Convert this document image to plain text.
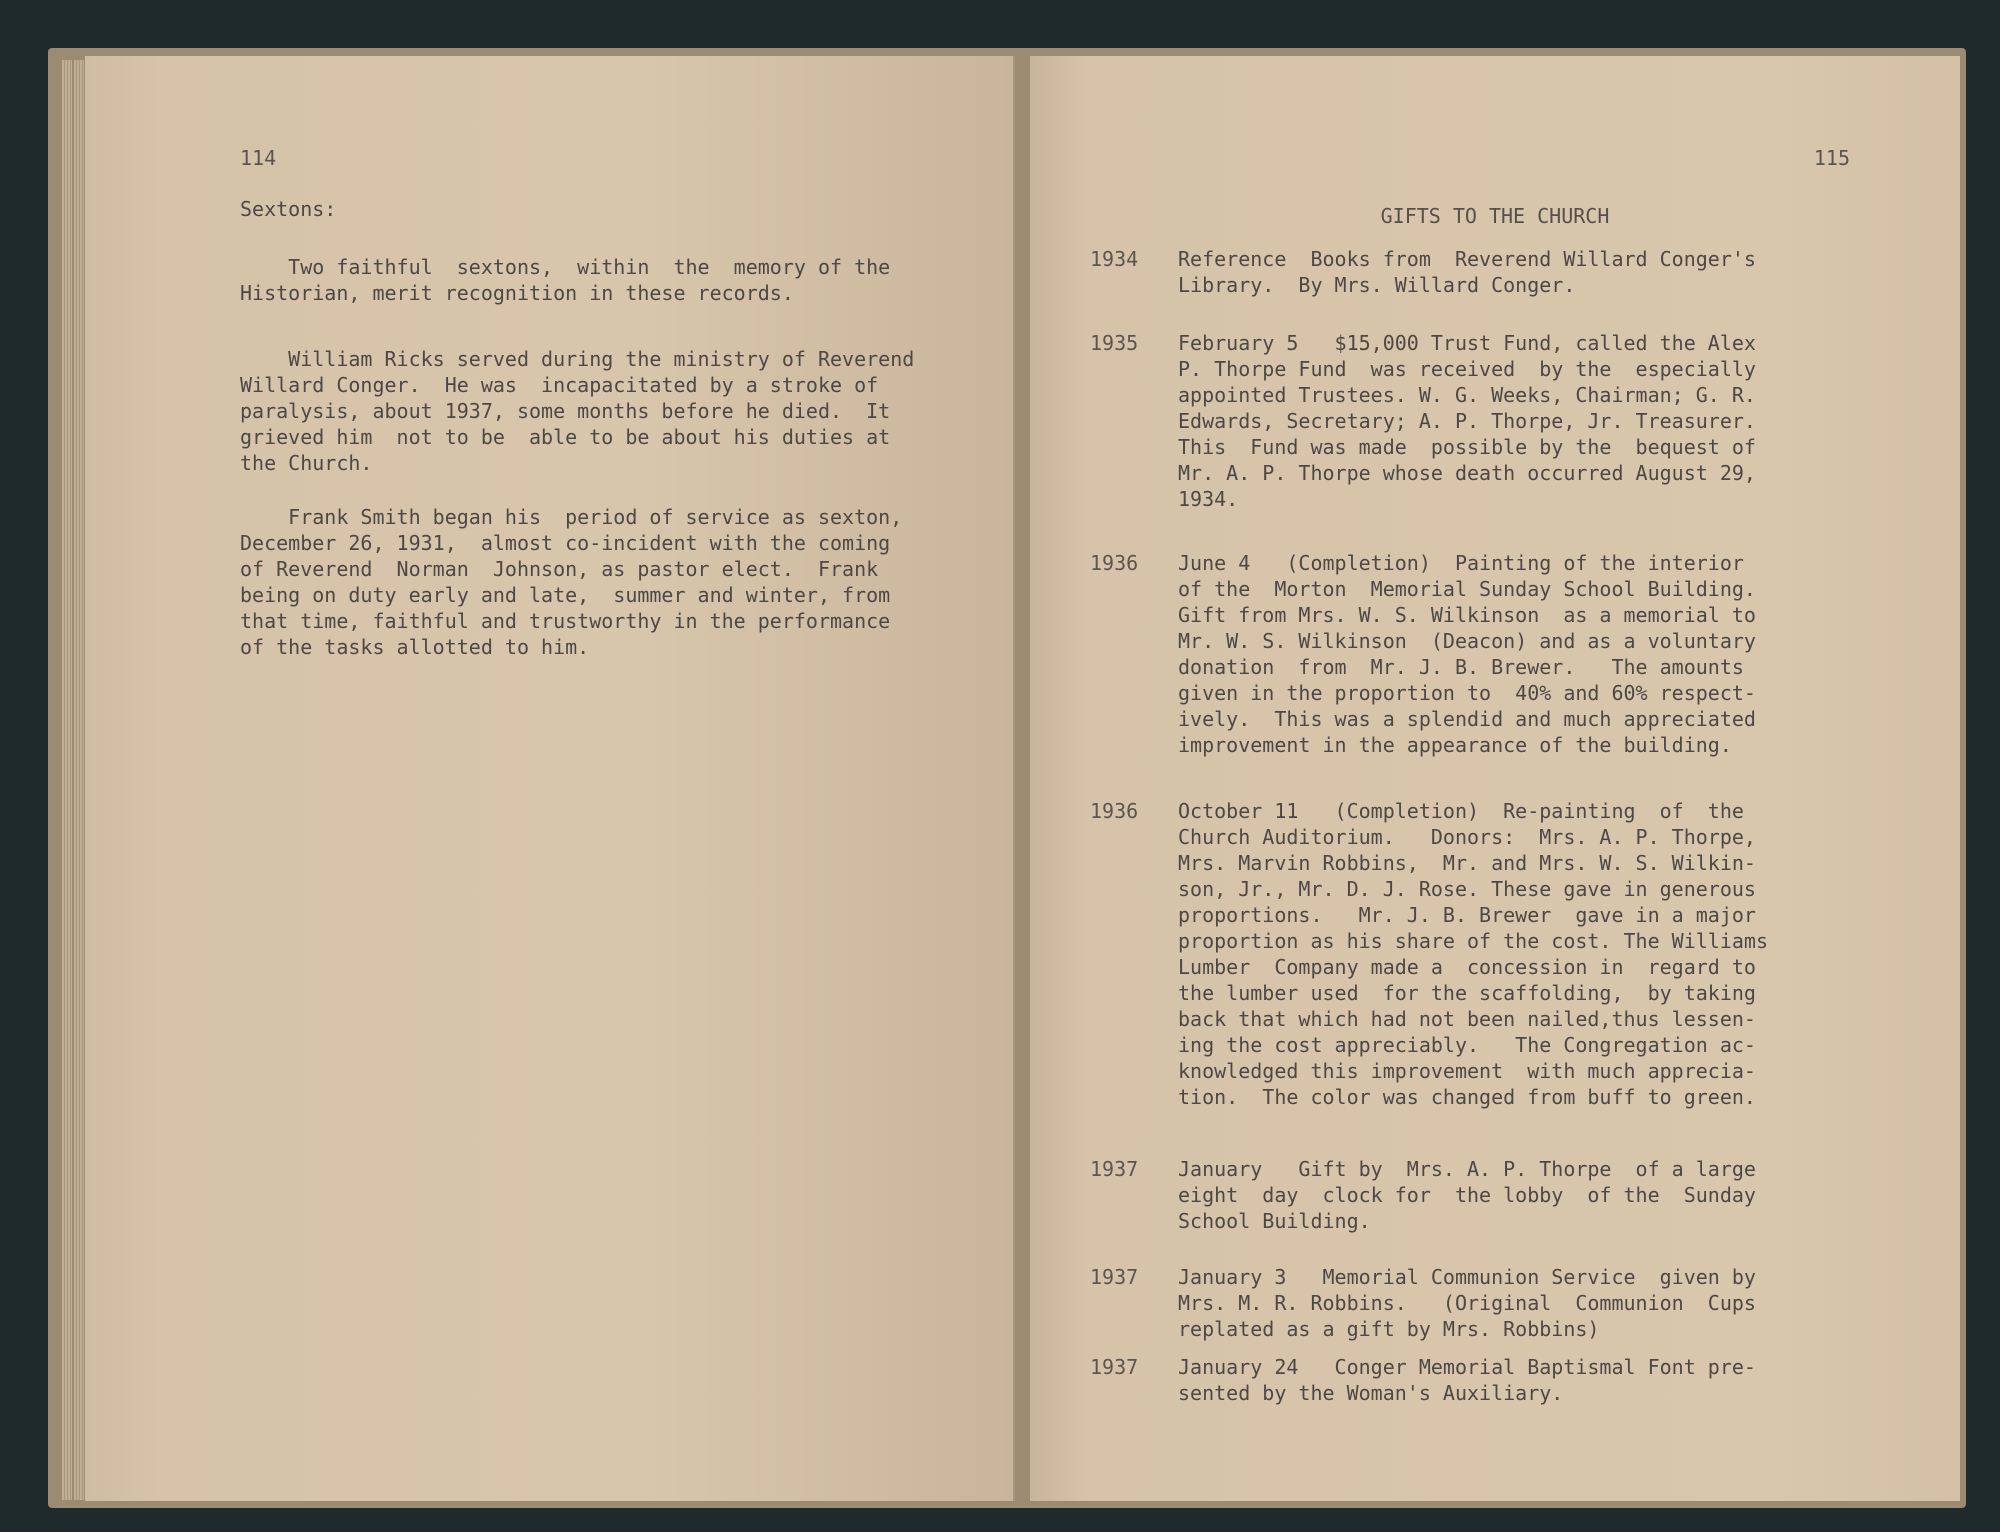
114
Sextons:
Two faithful  sextons,  within  the  memory of the
Historian, merit recognition in these records.
William Ricks served during the ministry of Reverend
Willard Conger.  He was  incapacitated by a stroke of
paralysis, about 1937, some months before he died.  It
grieved him  not to be  able to be about his duties at
the Church.
Frank Smith began his  period of service as sexton,
December 26, 1931,  almost co-incident with the coming
of Reverend  Norman  Johnson, as pastor elect.  Frank
being on duty early and late,  summer and winter, from
that time, faithful and trustworthy in the performance
of the tasks allotted to him.
115
GIFTS TO THE CHURCH
1934 Reference  Books from  Reverend Willard Conger's
Library.  By Mrs. Willard Conger.
1935 February 5   $15,000 Trust Fund, called the Alex
P. Thorpe Fund  was received  by the  especially
appointed Trustees. W. G. Weeks, Chairman; G. R.
Edwards, Secretary; A. P. Thorpe, Jr. Treasurer.
This  Fund was made  possible by the  bequest of
Mr. A. P. Thorpe whose death occurred August 29,
1934.
1936 June 4   (Completion)  Painting of the interior
of the  Morton  Memorial Sunday School Building.
Gift from Mrs. W. S. Wilkinson  as a memorial to
Mr. W. S. Wilkinson  (Deacon) and as a voluntary
donation  from  Mr. J. B. Brewer.   The amounts
given in the proportion to  40% and 60% respect-
ively.  This was a splendid and much appreciated
improvement in the appearance of the building.
1936 October 11   (Completion)  Re-painting  of  the
Church Auditorium.   Donors:  Mrs. A. P. Thorpe,
Mrs. Marvin Robbins,  Mr. and Mrs. W. S. Wilkin-
son, Jr., Mr. D. J. Rose. These gave in generous
proportions.   Mr. J. B. Brewer  gave in a major
proportion as his share of the cost. The Williams
Lumber  Company made a  concession in  regard to
the lumber used  for the scaffolding,  by taking
back that which had not been nailed,thus lessen-
ing the cost appreciably.   The Congregation ac-
knowledged this improvement  with much apprecia-
tion.  The color was changed from buff to green.
1937 January   Gift by  Mrs. A. P. Thorpe  of a large
eight  day  clock for  the lobby  of the  Sunday
School Building.
1937 January 3   Memorial Communion Service  given by
Mrs. M. R. Robbins.   (Original  Communion  Cups
replated as a gift by Mrs. Robbins)
1937 January 24   Conger Memorial Baptismal Font pre-
sented by the Woman's Auxiliary.
